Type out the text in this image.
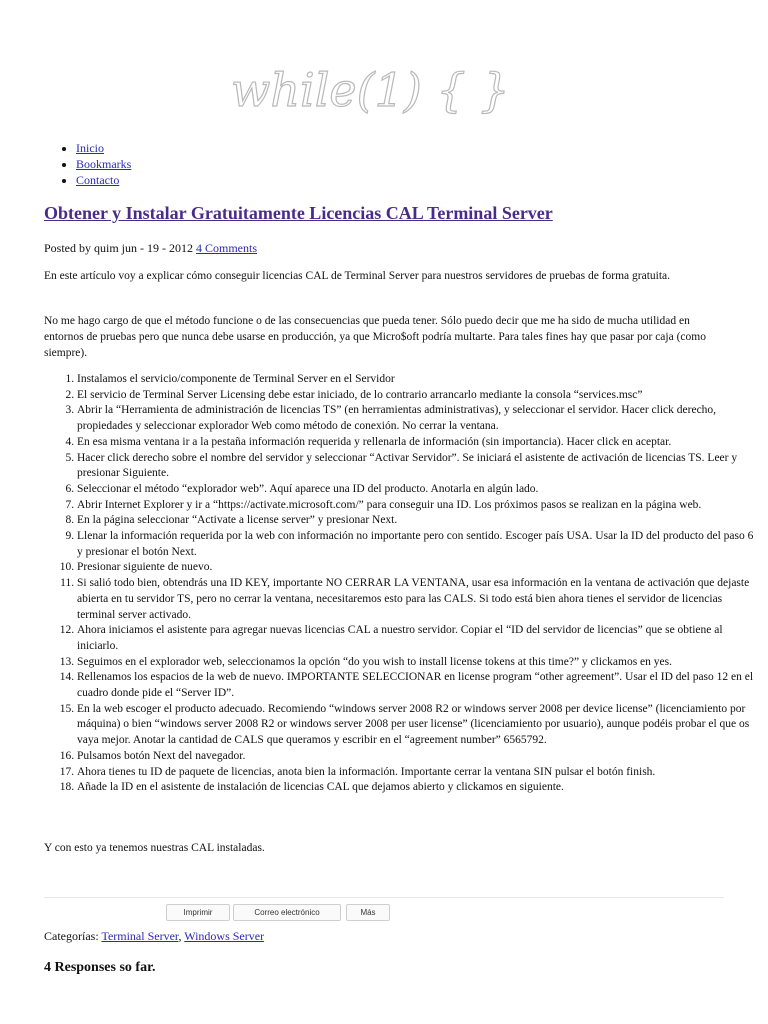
while(1) { }
• Inicio
• Bookmarks
• Contacto
Obtener y Instalar Gratuitamente Licencias CAL Terminal Server
Posted by quim jun - 19 - 2012 4 Comments

En este artículo voy a explicar cómo conseguir licencias CAL de Terminal Server para nuestros servidores de pruebas de forma gratuita.

No me hago cargo de que el método funcione o de las consecuencias que pueda tener. Sólo puedo decir que me ha sido de mucha utilidad en entornos de pruebas pero que nunca debe usarse en producción, ya que Micro$oft podría multarte. Para tales fines hay que pasar por caja (como siempre).

1. Instalamos el servicio/componente de Terminal Server en el Servidor
2. El servicio de Terminal Server Licensing debe estar iniciado, de lo contrario arrancarlo mediante la consola “services.msc”
3. Abrir la “Herramienta de administración de licencias TS” (en herramientas administrativas), y seleccionar el servidor. Hacer click derecho, propiedades y seleccionar explorador Web como método de conexión. No cerrar la ventana.
4. En esa misma ventana ir a la pestaña información requerida y rellenarla de información (sin importancia). Hacer click en aceptar.
5. Hacer click derecho sobre el nombre del servidor y seleccionar “Activar Servidor”. Se iniciará el asistente de activación de licencias TS. Leer y presionar Siguiente.
6. Seleccionar el método “explorador web”. Aquí aparece una ID del producto. Anotarla en algún lado.
7. Abrir Internet Explorer y ir a “https://activate.microsoft.com/” para conseguir una ID. Los próximos pasos se realizan en la página web.
8. En la página seleccionar “Activate a license server” y presionar Next.
9. Llenar la información requerida por la web con información no importante pero con sentido. Escoger país USA. Usar la ID del producto del paso 6 y presionar el botón Next.
10. Presionar siguiente de nuevo.
11. Si salió todo bien, obtendrás una ID KEY, importante NO CERRAR LA VENTANA, usar esa información en la ventana de activación que dejaste abierta en tu servidor TS, pero no cerrar la ventana, necesitaremos esto para las CALS. Si todo está bien ahora tienes el servidor de licencias terminal server activado.
12. Ahora iniciamos el asistente para agregar nuevas licencias CAL a nuestro servidor. Copiar el “ID del servidor de licencias” que se obtiene al iniciarlo.
13. Seguimos en el explorador web, seleccionamos la opción “do you wish to install license tokens at this time?” y clickamos en yes.
14. Rellenamos los espacios de la web de nuevo. IMPORTANTE SELECCIONAR en license program “other agreement”. Usar el ID del paso 12 en el cuadro donde pide el “Server ID”.
15. En la web escoger el producto adecuado. Recomiendo “windows server 2008 R2 or windows server 2008 per device license” (licenciamiento por máquina) o bien “windows server 2008 R2 or windows server 2008 per user license” (licenciamiento por usuario), aunque podéis probar el que os vaya mejor. Anotar la cantidad de CALS que queramos y escribir en el “agreement number” 6565792.
16. Pulsamos botón Next del navegador.
17. Ahora tienes tu ID de paquete de licencias, anota bien la información. Importante cerrar la ventana SIN pulsar el botón finish.
18. Añade la ID en el asistente de instalación de licencias CAL que dejamos abierto y clickamos en siguiente.

Y con esto ya tenemos nuestras CAL instaladas.

Imprimir	Correo electrónico	Más
Categorías: Terminal Server, Windows Server
4 Responses so far.
